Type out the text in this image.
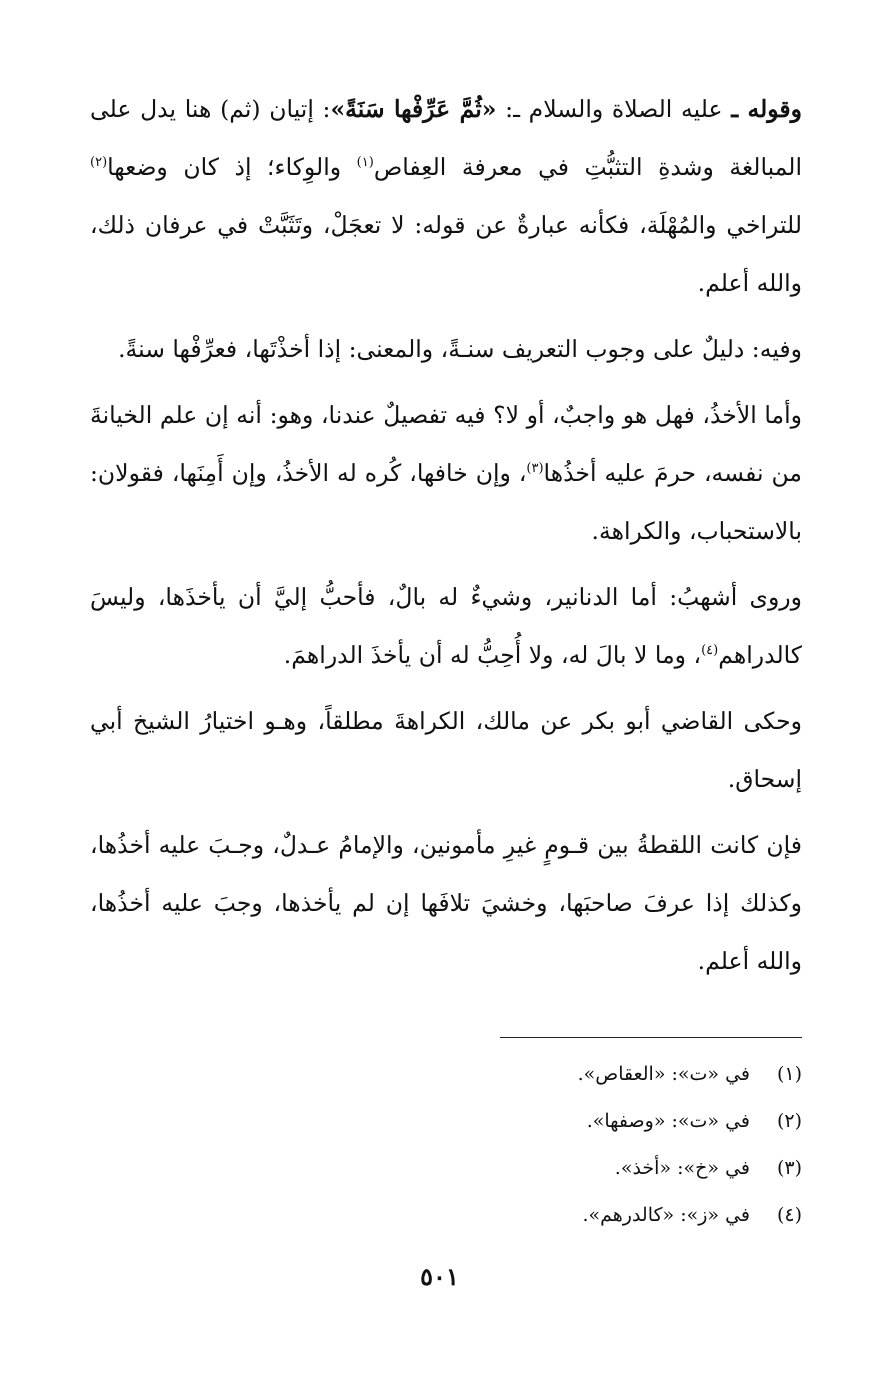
وقوله ـ عليه الصلاة والسلام ـ: «ثُمَّ عَرِّفْها سَنَةً»: إتيان (ثم) هنا يدل على المبالغة وشدةِ التثبُّتِ في معرفة العِفاص$^{(١)}$ والوِكاء؛ إذ كان وضعها$^{(٢)}$ للتراخي والمُهْلَة، فكأنه عبارةٌ عن قوله: لا تعجَلْ، وتَثَبَّتْ في عرفان ذلك، والله أعلم.

وفيه: دليلٌ على وجوب التعريف سنـةً، والمعنى: إذا أخذْتَها، فعرِّفْها سنةً.

وأما الأخذُ، فهل هو واجبٌ، أو لا؟ فيه تفصيلٌ عندنا، وهو: أنه إن علم الخيانةَ من نفسه، حرمَ عليه أخذُها$^{(٣)}$، وإن خافها، كُره له الأخذُ، وإن أَمِنَها، فقولان: بالاستحباب، والكراهة.

وروى أشهبُ: أما الدنانير، وشيءٌ له بالٌ، فأحبُّ إليَّ أن يأخذَها، وليسَ كالدراهم$^{(٤)}$، وما لا بالَ له، ولا أُحِبُّ له أن يأخذَ الدراهمَ.

وحكى القاضي أبو بكر عن مالك، الكراهةَ مطلقاً، وهـو اختيارُ الشيخ أبي إسحاق.

فإن كانت اللقطةُ بين قـومٍ غيرِ مأمونين، والإمامُ عـدلٌ، وجـبَ عليه أخذُها، وكذلك إذا عرفَ صاحبَها، وخشيَ تلافَها إن لم يأخذها، وجبَ عليه أخذُها، والله أعلم.

(١)
في «ت»: «العقاص».
(٢)
في «ت»: «وصفها».
(٣)
في «خ»: «أخذ».
(٤)
في «ز»: «كالدرهم».
٥٠١
